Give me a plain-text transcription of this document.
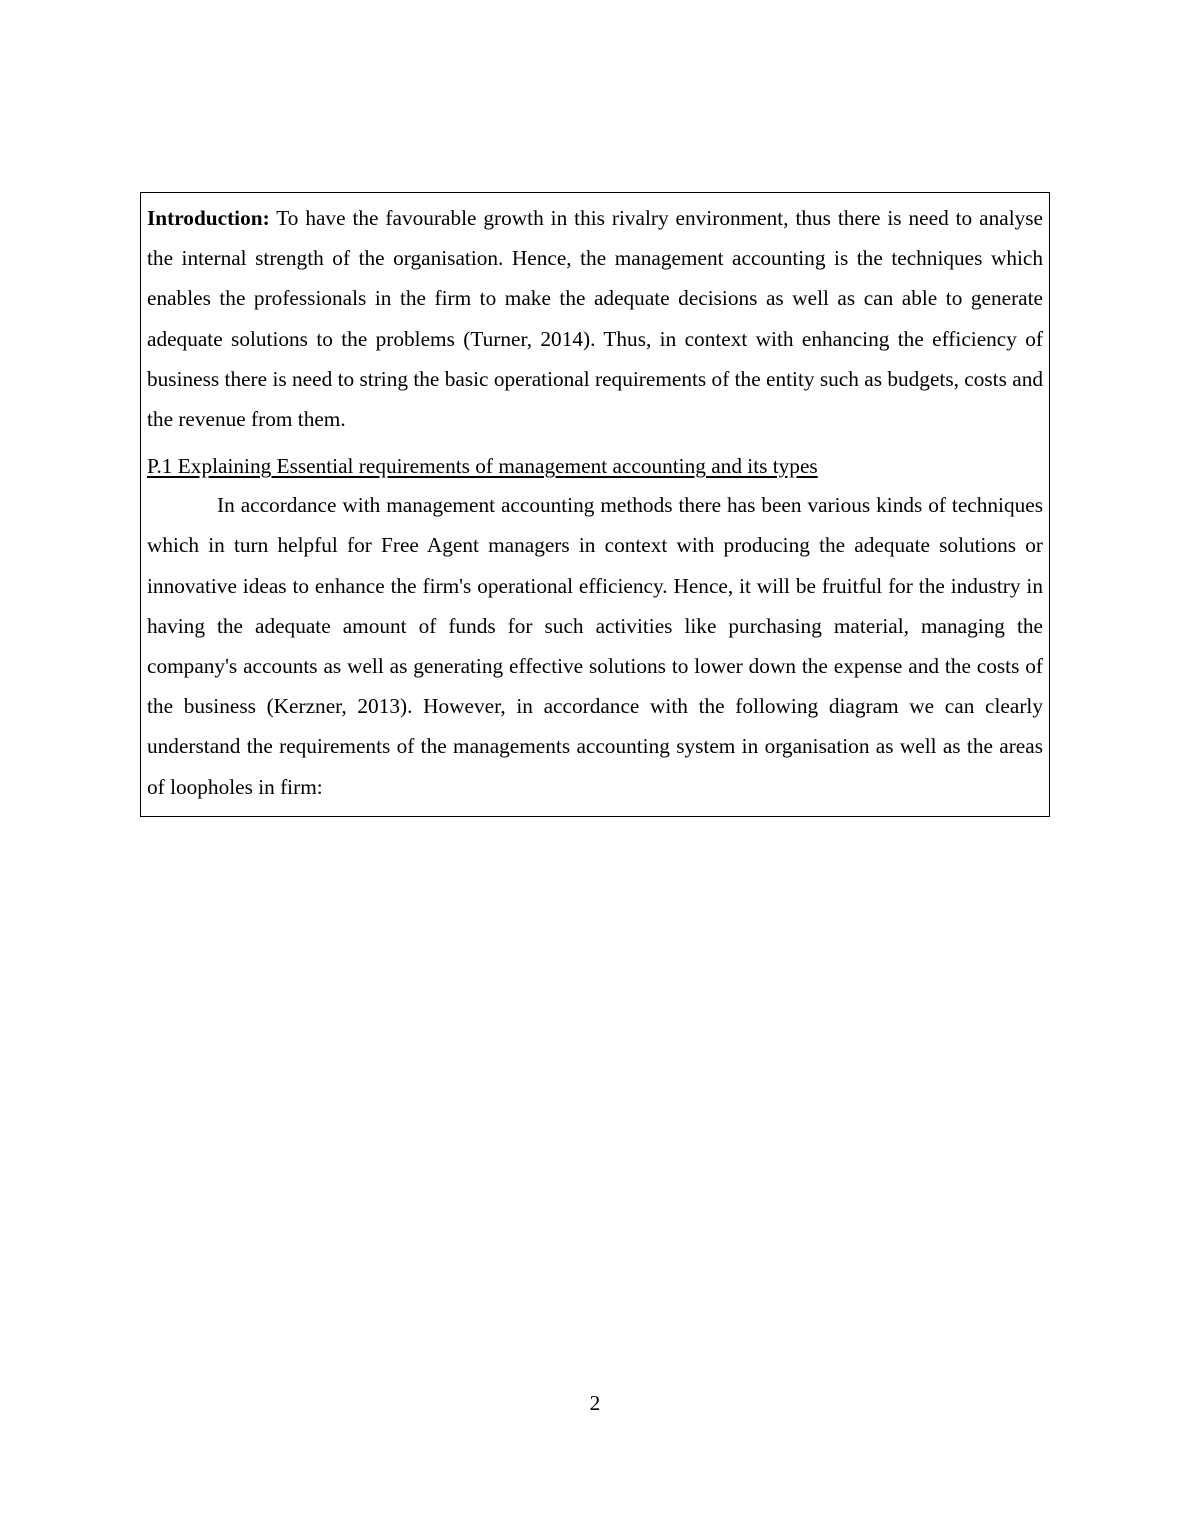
Introduction: To have the favourable growth in this rivalry environment, thus there is need to analyse the internal strength of the organisation. Hence, the management accounting is the techniques which enables the professionals in the firm to make the adequate decisions as well as can able to generate adequate solutions to the problems (Turner, 2014). Thus, in context with enhancing the efficiency of business there is need to string the basic operational requirements of the entity such as budgets, costs and the revenue from them.

P.1 Explaining Essential requirements of management accounting and its types

In accordance with management accounting methods there has been various kinds of techniques which in turn helpful for Free Agent managers in context with producing the adequate solutions or innovative ideas to enhance the firm's operational efficiency. Hence, it will be fruitful for the industry in having the adequate amount of funds for such activities like purchasing material, managing the company's accounts as well as generating effective solutions to lower down the expense and the costs of the business (Kerzner, 2013). However, in accordance with the following diagram we can clearly understand the requirements of the managements accounting system in organisation as well as the areas of loopholes in firm:

2
